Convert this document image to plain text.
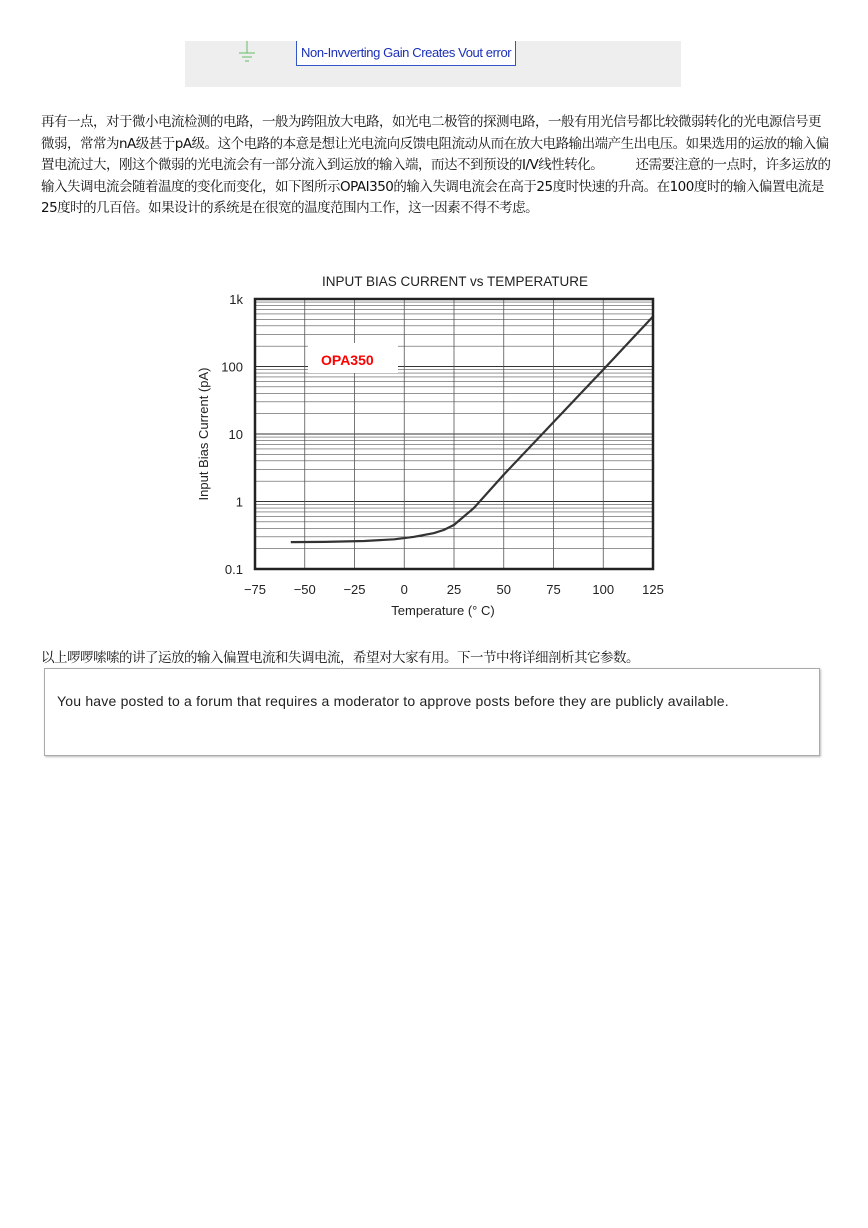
Non-Invverting Gain Creates Vout error

再有一点，对于微小电流检测的电路，一般为跨阻放大电路，如光电二极管的探测电路，一般有用光信号都比较微弱转化的光电源信号更微弱，常常为nA级甚于pA级。这个电路的本意是想让光电流向反馈电阻流动从而在放大电路输出端产生出电压。如果选用的运放的输入偏置电流过大，刚这个微弱的光电流会有一部分流入到运放的输入端，而达不到预设的I/V线性转化。　　　还需要注意的一点时，许多运放的输入失调电流会随着温度的变化而变化，如下图所示OPAI350的输入失调电流会在高于25度时快速的升高。在100度时的输入偏置电流是25度时的几百倍。如果设计的系统是在很宽的温度范围内工作，这一因素不得不考虑。

INPUT BIAS CURRENT vs TEMPERATURE
OPA350
−75 −50 −25	0	25	50	75 100 125
0.1
1
10
100
1k
Temperature (° C)
Input Bias Current (pA)

以上啰啰嗦嗦的讲了运放的输入偏置电流和失调电流，希望对大家有用。下一节中将详细剖析其它参数。

You have posted to a forum that requires a moderator to approve posts before they are publicly available.
